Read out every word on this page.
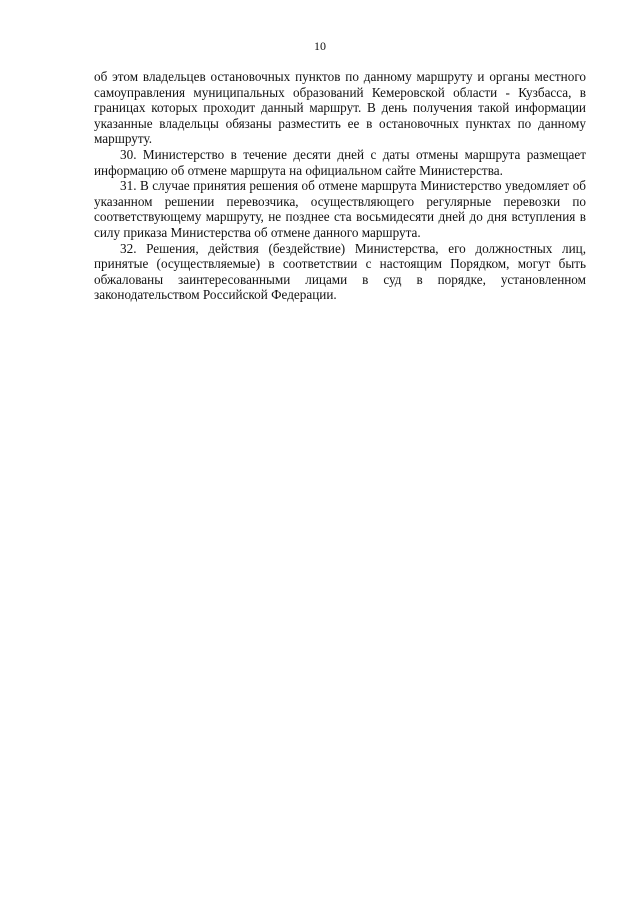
10

об этом владельцев остановочных пунктов по данному маршруту и органы местного самоуправления муниципальных образований Кемеровской области - Кузбасса, в границах которых проходит данный маршрут. В день получения такой информации указанные владельцы обязаны разместить ее в остановочных пунктах по данному маршруту.

30. Министерство в течение десяти дней с даты отмены маршрута размещает информацию об отмене маршрута на официальном сайте Министерства.

31. В случае принятия решения об отмене маршрута Министерство уведомляет об указанном решении перевозчика, осуществляющего регулярные перевозки по соответствующему маршруту, не позднее ста восьмидесяти дней до дня вступления в силу приказа Министерства об отмене данного маршрута.

32. Решения, действия (бездействие) Министерства, его должностных лиц, принятые (осуществляемые) в соответствии с настоящим Порядком, могут быть обжалованы заинтересованными лицами в суд в порядке, установленном законодательством Российской Федерации.
